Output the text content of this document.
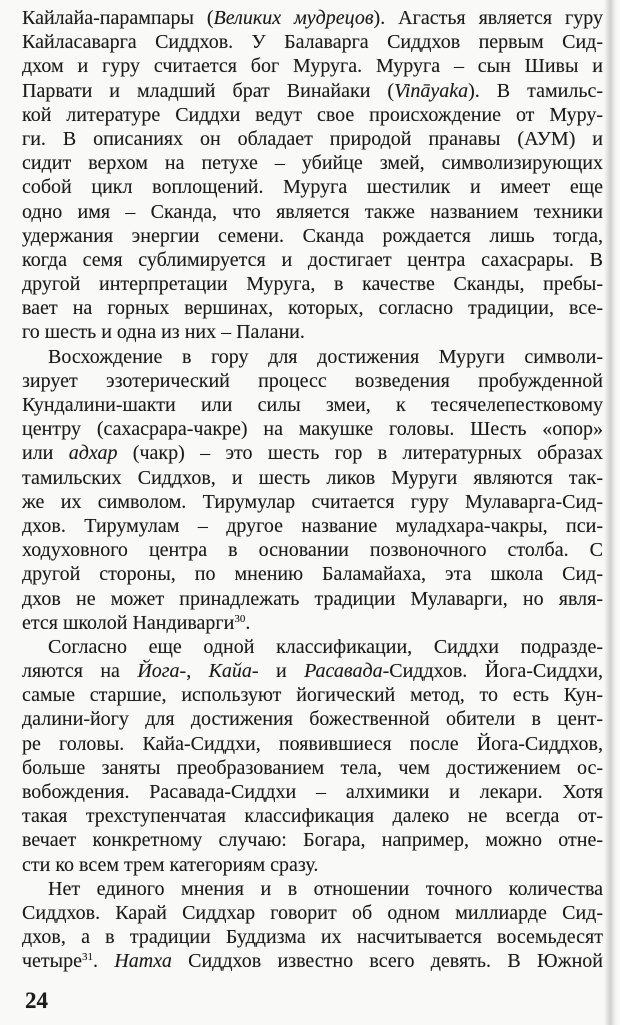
Кайлайа-парампары (Великих мудрецов). Агастья является гуру
Кайласаварга Сиддхов. У Балаварга Сиддхов первым Сид-
дхом и гуру считается бог Муруга. Муруга – сын Шивы и
Парвати и младший брат Винайаки (Vināyaka). В тамильс-
кой литературе Сиддхи ведут свое происхождение от Муру-
ги. В описаниях он обладает природой пранавы (АУМ) и
сидит верхом на петухе – убийце змей, символизирующих
собой цикл воплощений. Муруга шестилик и имеет еще
одно имя – Сканда, что является также названием техники
удержания энергии семени. Сканда рождается лишь тогда,
когда семя сублимируется и достигает центра сахасрары. В
другой интерпретации Муруга, в качестве Сканды, пребы-
вает на горных вершинах, которых, согласно традиции, все-
го шесть и одна из них – Палани.
Восхождение в гору для достижения Муруги символи-
зирует эзотерический процесс возведения пробужденной
Кундалини-шакти или силы змеи, к тесячелепестковому
центру (сахасрара-чакре) на макушке головы. Шесть «опор»
или адхар (чакр) – это шесть гор в литературных образах
тамильских Сиддхов, и шесть ликов Муруги являются так-
же их символом. Тирумулар считается гуру Мулаварга-Сид-
дхов. Тирумулам – другое название муладхара-чакры, пси-
ходуховного центра в основании позвоночного столба. С
другой стороны, по мнению Баламайаха, эта школа Сид-
дхов не может принадлежать традиции Мулаварги, но явля-
ется школой Нандиварги$^{30}$.
Согласно еще одной классификации, Сиддхи подразде-
ляются на Йога-, Кайа- и Расавада-Сиддхов. Йога-Сиддхи,
самые старшие, используют йогический метод, то есть Кун-
далини-йогу для достижения божественной обители в цент-
ре головы. Кайа-Сиддхи, появившиеся после Йога-Сиддхов,
больше заняты преобразованием тела, чем достижением ос-
вобождения. Расавада-Сиддхи – алхимики и лекари. Хотя
такая трехступенчатая классификация далеко не всегда от-
вечает конкретному случаю: Богара, например, можно отне-
сти ко всем трем категориям сразу.
Нет единого мнения и в отношении точного количества
Сиддхов. Карай Сиддхар говорит об одном миллиарде Сид-
дхов, а в традиции Буддизма их насчитывается восемьдесят
четыре$^{31}$. Натха Сиддхов известно всего девять. В Южной
24
